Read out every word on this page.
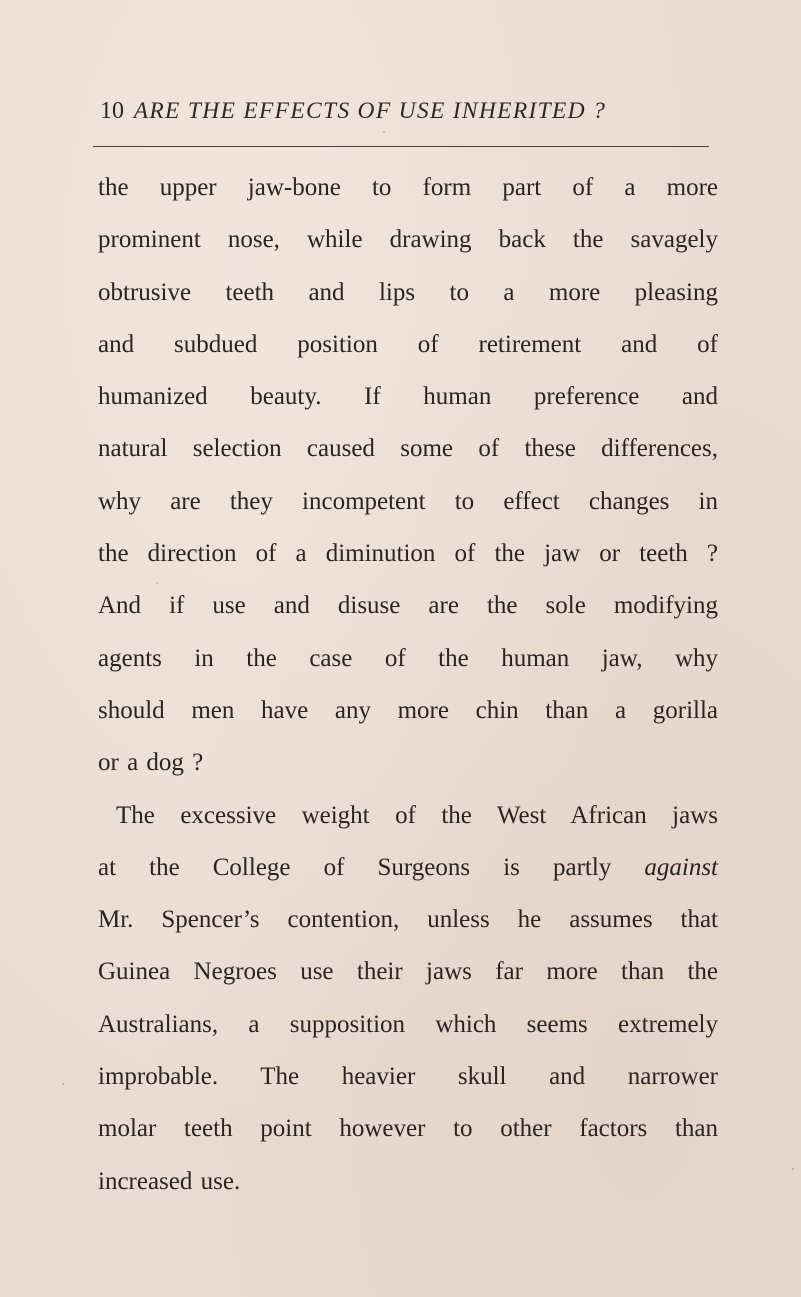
10 ARE THE EFFECTS OF USE INHERITED ?
the upper jaw-bone to form part of a more
prominent nose, while drawing back the savagely
obtrusive teeth and lips to a more pleasing
and subdued position of retirement and of
humanized beauty. If human preference and
natural selection caused some of these differences,
why are they incompetent to effect changes in
the direction of a diminution of the jaw or teeth ?
And if use and disuse are the sole modifying
agents in the case of the human jaw, why
should men have any more chin than a gorilla
or a dog ?
The excessive weight of the West African jaws
at the College of Surgeons is partly against
Mr. Spencer’s contention, unless he assumes that
Guinea Negroes use their jaws far more than the
Australians, a supposition which seems extremely
improbable. The heavier skull and narrower
molar teeth point however to other factors than
increased use.
